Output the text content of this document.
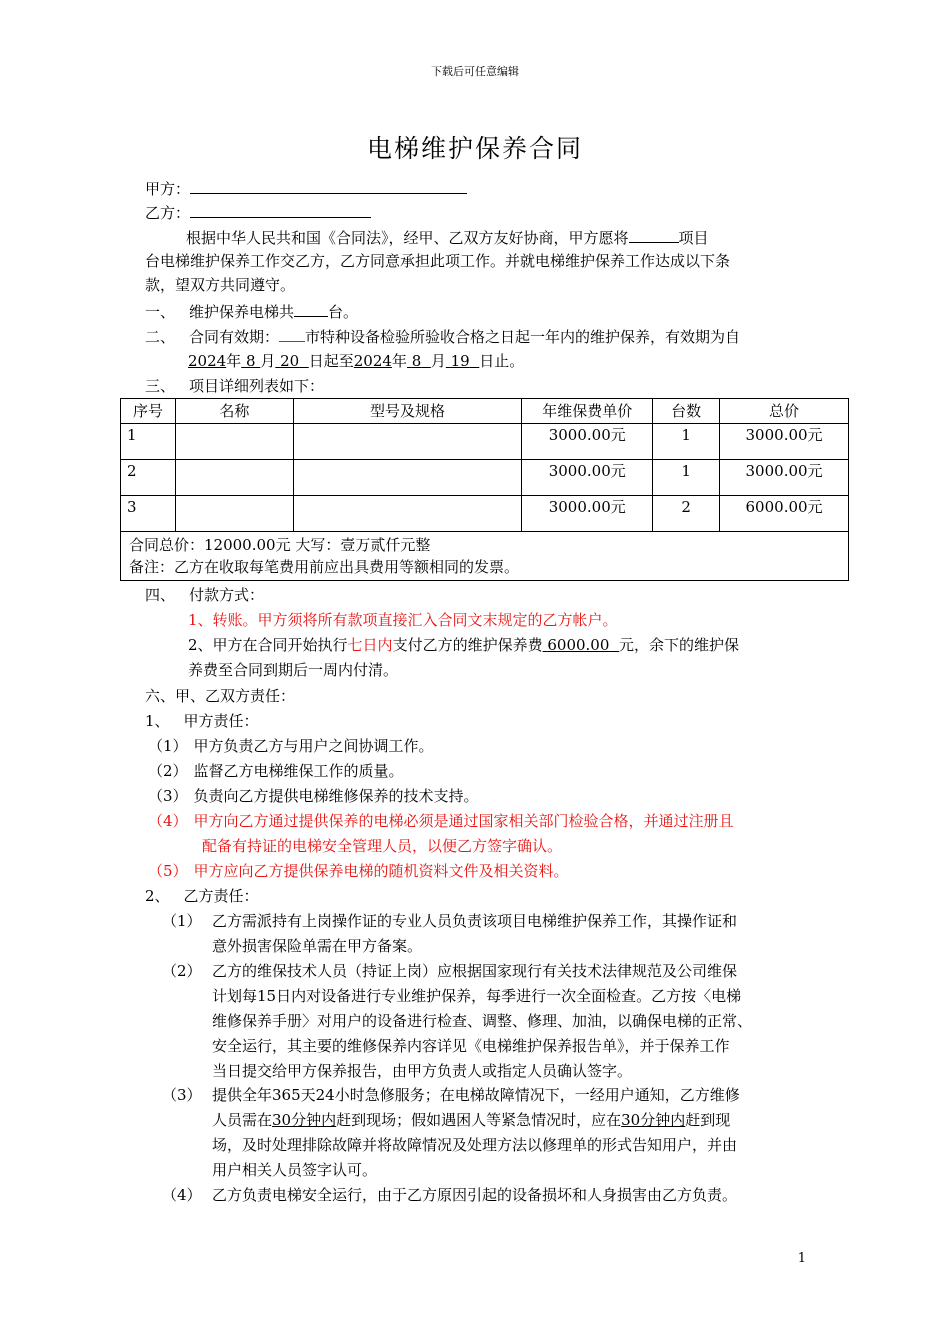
下载后可任意编辑
电梯维护保养合同
甲方：
乙方：
根据中华人民共和国《合同法》，经甲、乙双方友好协商，甲方愿将	项目
台电梯维护保养工作交乙方，乙方同意承担此项工作。并就电梯维护保养工作达成以下条
款，望双方共同遵守。
一、 维护保养电梯共 台。
二、 合同有效期： 市特种设备检验所验收合格之日起一年内的维护保养，有效期为自
2024年 8 月 20 日起至2024年 8 月 19 日止。
三、 项目详细列表如下：
序号	名称	型号及规格	年维保费单价	台数	总价
1			3000.00元	1	3000.00元
2			3000.00元	1	3000.00元
3			3000.00元	2	6000.00元

合同总价：12000.00元 大写：壹万贰仟元整
备注：乙方在收取每笔费用前应出具费用等额相同的发票。					
四、 付款方式：
1、转账。甲方须将所有款项直接汇入合同文末规定的乙方帐户。
2、甲方在合同开始执行七日内支付乙方的维护保养费 6000.00 元，余下的维护保
养费至合同到期后一周内付清。
六、甲、乙双方责任：
1、 甲方责任：
（1） 甲方负责乙方与用户之间协调工作。
（2） 监督乙方电梯维保工作的质量。
（3） 负责向乙方提供电梯维修保养的技术支持。
（4） 甲方向乙方通过提供保养的电梯必须是通过国家相关部门检验合格，并通过注册且
配备有持证的电梯安全管理人员，以便乙方签字确认。
（5） 甲方应向乙方提供保养电梯的随机资料文件及相关资料。
2、 乙方责任：
（1） 乙方需派持有上岗操作证的专业人员负责该项目电梯维护保养工作，其操作证和
意外损害保险单需在甲方备案。
（2） 乙方的维保技术人员（持证上岗）应根据国家现行有关技术法律规范及公司维保
计划每15日内对设备进行专业维护保养，每季进行一次全面检查。乙方按〈电梯
维修保养手册〉对用户的设备进行检查、调整、修理、加油，以确保电梯的正常、
安全运行，其主要的维修保养内容详见《电梯维护保养报告单》，并于保养工作
当日提交给甲方保养报告，由甲方负责人或指定人员确认签字。
（3） 提供全年365天24小时急修服务；在电梯故障情况下，一经用户通知，乙方维修
人员需在30分钟内赶到现场；假如遇困人等紧急情况时，应在30分钟内赶到现
场，及时处理排除故障并将故障情况及处理方法以修理单的形式告知用户，并由
用户相关人员签字认可。
（4） 乙方负责电梯安全运行，由于乙方原因引起的设备损坏和人身损害由乙方负责。
1
